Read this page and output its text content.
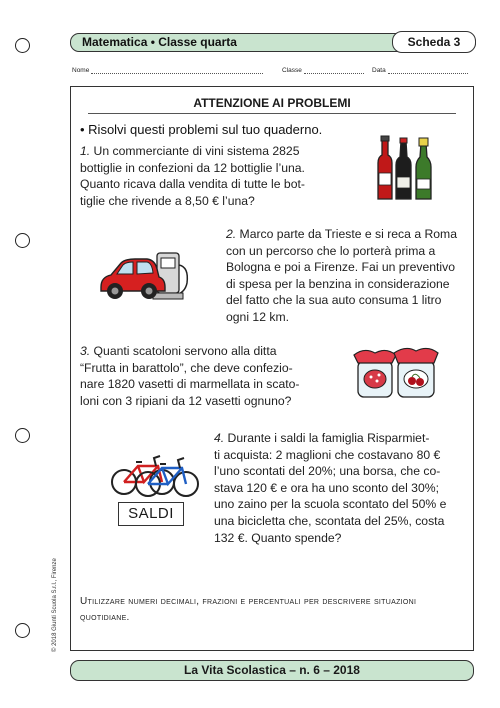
Matematica • Classe quarta	Scheda 3
Nome	Classe	Data
ATTENZIONE AI PROBLEMI
• Risolvi questi problemi sul tuo quaderno.
1. Un commerciante di vini sistema 2825
bottiglie in confezioni da 12 bottiglie l’una.
Quanto ricava dalla vendita di tutte le bot-
tiglie che rivende a 8,50 € l’una?
2. Marco parte da Trieste e si reca a Roma
con un percorso che lo porterà prima a
Bologna e poi a Firenze. Fai un preventivo
di spesa per la benzina in considerazione
del fatto che la sua auto consuma 1 litro
ogni 12 km.
3. Quanti scatoloni servono alla ditta
“Frutta in barattolo”, che deve confezio-
nare 1820 vasetti di marmellata in scato-
loni con 3 ripiani da 12 vasetti ognuno?
SALDI
4. Durante i saldi la famiglia Risparmiet-
ti acquista: 2 maglioni che costavano 80 €
l’uno scontati del 20%; una borsa, che co-
stava 120 € e ora ha uno sconto del 30%;
uno zaino per la scuola scontato del 50% e
una bicicletta che, scontata del 25%, costa
132 €. Quanto spende?
Utilizzare numeri decimali, frazioni e percentuali per descrivere situazioni quotidiane.
© 2018 Giunti Scuola S.r.l., Firenze
La Vita Scolastica – n. 6 – 2018
